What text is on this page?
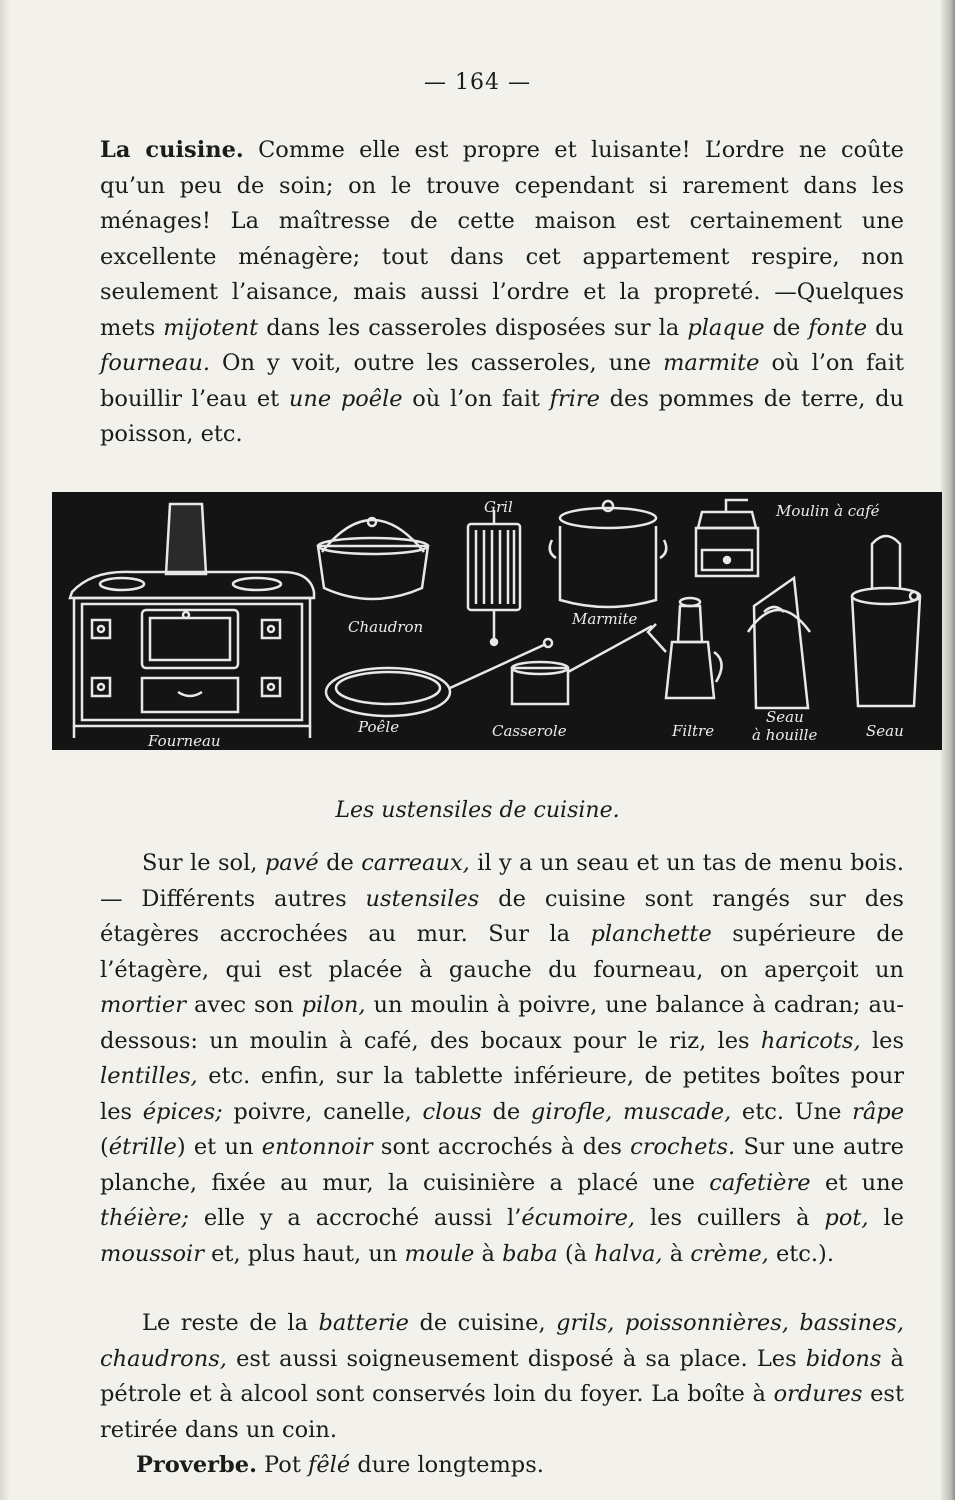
— 164 —

La cuisine. Comme elle est propre et luisante! L’ordre ne coûte qu’un peu de soin; on le trouve cependant si rarement dans les ménages! La maîtresse de cette maison est certainement une excellente ménagère; tout dans cet appartement respire, non seulement l’aisance, mais aussi l’ordre et la propreté. —Quelques mets mijotent dans les casseroles disposées sur la plaque de fonte du fourneau. On y voit, outre les casseroles, une marmite où l’on fait bouillir l’eau et une poêle où l’on fait frire des pommes de terre, du poisson, etc.

Gril	Moulin à café
Chaudron	Marmite
Poêle	Casserole	Filtre
Seau
à houille	Seau
Fourneau
Les ustensiles de cuisine.

Sur le sol, pavé de carreaux, il y a un seau et un tas de menu bois. — Différents autres ustensiles de cuisine sont rangés sur des étagères accrochées au mur. Sur la planchette supérieure de l’étagère, qui est placée à gauche du fourneau, on aperçoit un mortier avec son pilon, un moulin à poivre, une balance à cadran; au-dessous: un moulin à café, des bocaux pour le riz, les haricots, les lentilles, etc. enfin, sur la tablette inférieure, de petites boîtes pour les épices; poivre, canelle, clous de girofle, muscade, etc. Une râpe (étrille) et un entonnoir sont accrochés à des crochets. Sur une autre planche, fixée au mur, la cuisinière a placé une cafetière et une théière; elle y a accroché aussi l’écumoire, les cuillers à pot, le moussoir et, plus haut, un moule à baba (à halva, à crème, etc.).

Le reste de la batterie de cuisine, grils, poissonnières, bassines, chaudrons, est aussi soigneusement disposé à sa place. Les bidons à pétrole et à alcool sont conservés loin du foyer. La boîte à ordures est retirée dans un coin.

Proverbe. Pot fêlé dure longtemps.
